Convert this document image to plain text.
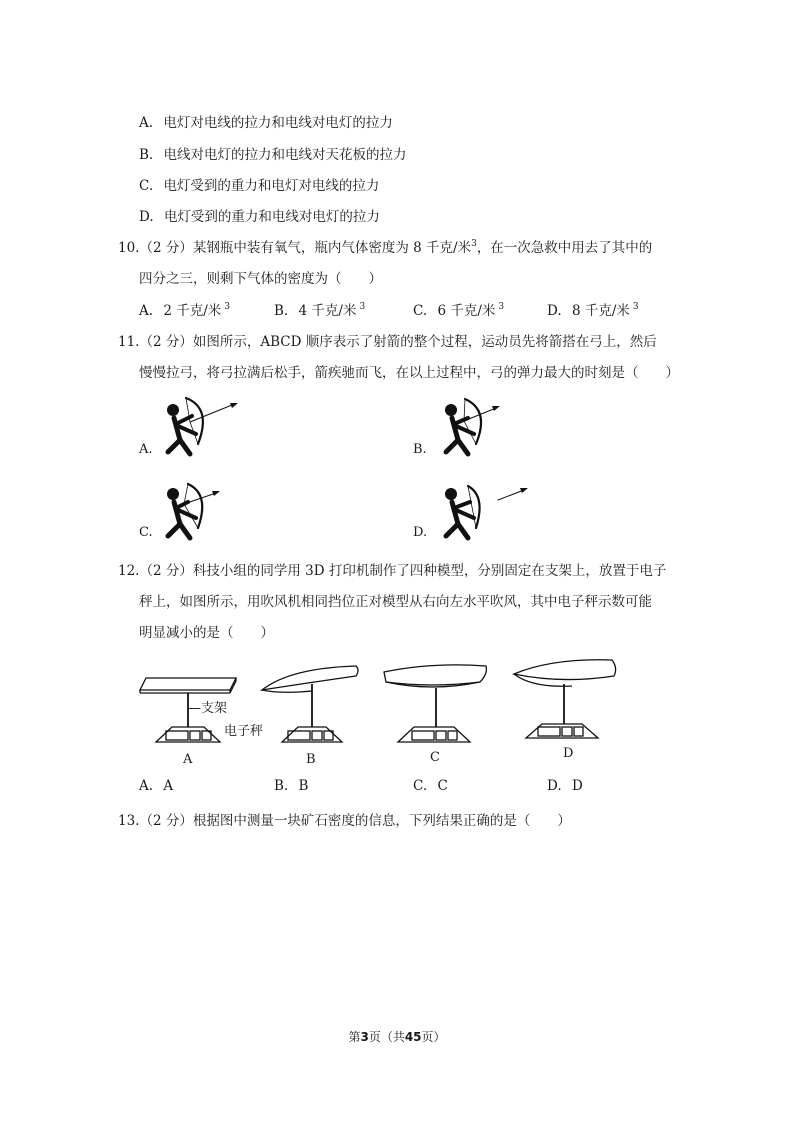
A. 电灯对电线的拉力和电线对电灯的拉力
B. 电线对电灯的拉力和电线对天花板的拉力
C. 电灯受到的重力和电灯对电线的拉力
D. 电灯受到的重力和电线对电灯的拉力
10.（2 分）某钢瓶中装有氧气，瓶内气体密度为 8 千克/米$^3$，在一次急救中用去了其中的
四分之三，则剩下气体的密度为（　　）
A. 2 千克/米 $^3$	B. 4 千克/米 $^3$	C. 6 千克/米 $^3$	D. 8 千克/米 $^3$
11.（2 分）如图所示，ABCD 顺序表示了射箭的整个过程，运动员先将箭搭在弓上，然后
慢慢拉弓，将弓拉满后松手，箭疾驰而飞，在以上过程中，弓的弹力最大的时刻是（　　）
A.	B.
C.	D.
12.（2 分）科技小组的同学用 3D 打印机制作了四种模型，分别固定在支架上，放置于电子
秤上，如图所示，用吹风机相同挡位正对模型从右向左水平吹风，其中电子秤示数可能
明显减小的是（　　）
—支架
电子秤
A	B	C	D
A. A	B. B	C. C	D. D
13.（2 分）根据图中测量一块矿石密度的信息，下列结果正确的是（　　）
第3页（共45页）
